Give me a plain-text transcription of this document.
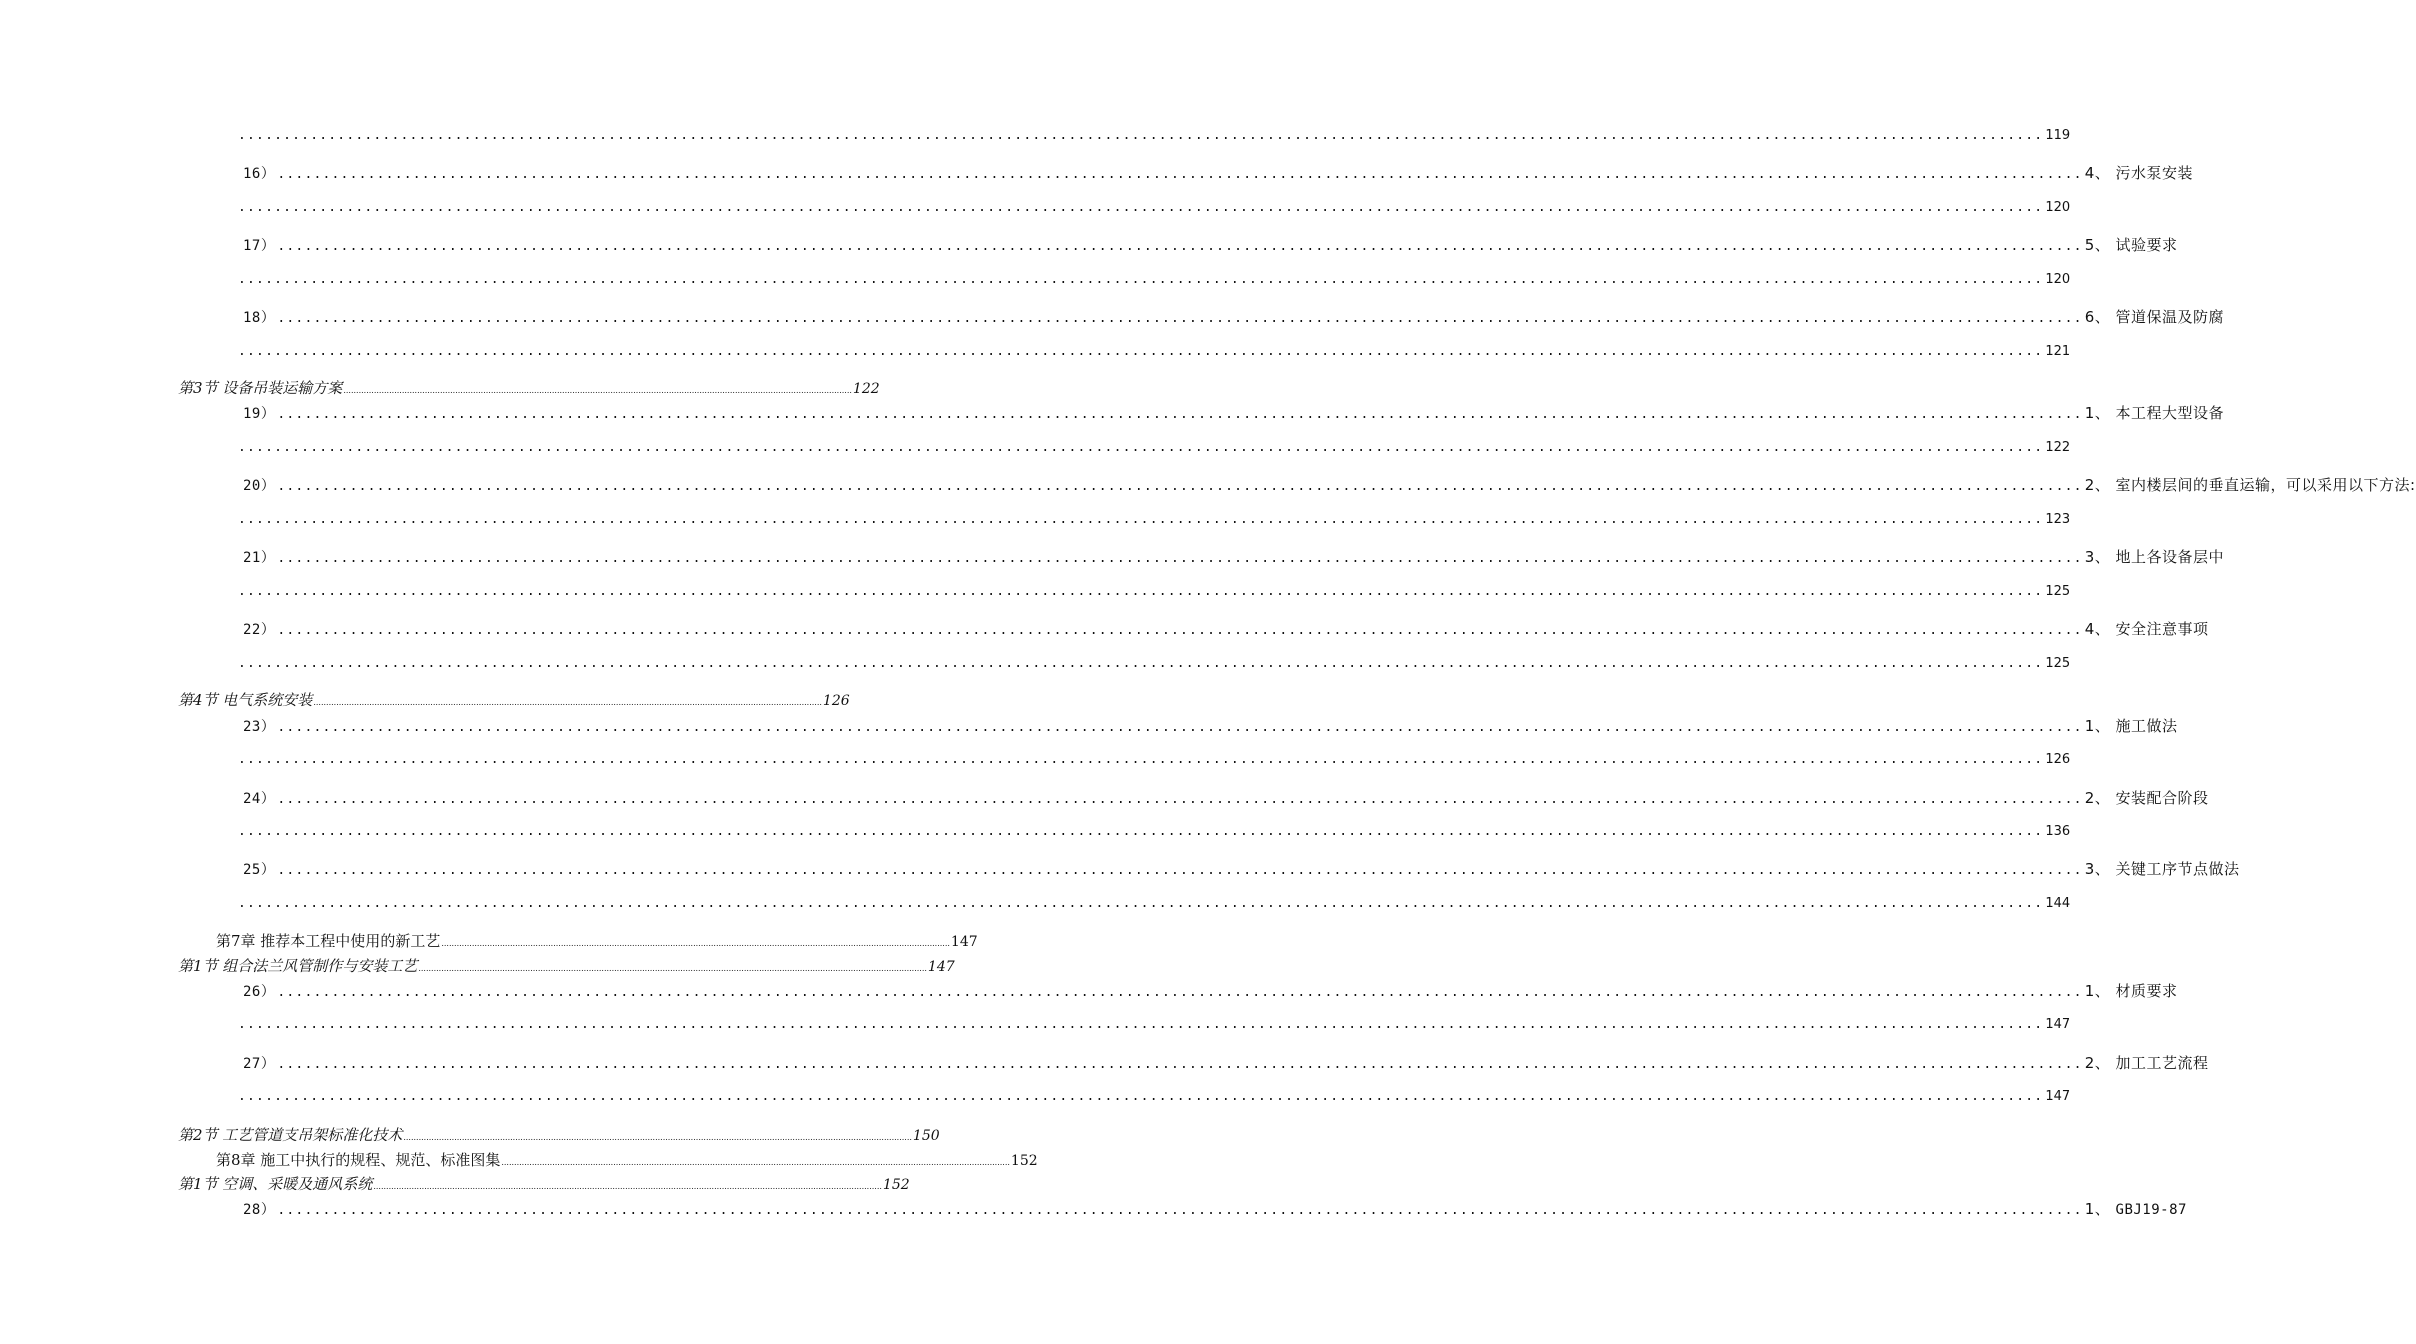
........................................................................................................................................................................................................ 119
16） ........................................................................................................................................................................................................ 4、 污水泵安装
........................................................................................................................................................................................................ 120
17） ........................................................................................................................................................................................................ 5、 试验要求
........................................................................................................................................................................................................ 120
18） ........................................................................................................................................................................................................ 6、 管道保温及防腐
........................................................................................................................................................................................................ 121
第3节 设备吊装运输方案 ........................................................................................................................................................................................................ 122
19） ........................................................................................................................................................................................................ 1、 本工程大型设备
........................................................................................................................................................................................................ 122
20） ........................................................................................................................................................................................................ 2、 室内楼层间的垂直运输，可以采用以下方法:
........................................................................................................................................................................................................ 123
21） ........................................................................................................................................................................................................ 3、 地上各设备层中
........................................................................................................................................................................................................ 125
22） ........................................................................................................................................................................................................ 4、 安全注意事项
........................................................................................................................................................................................................ 125
第4节 电气系统安装 ........................................................................................................................................................................................................ 126
23） ........................................................................................................................................................................................................ 1、 施工做法
........................................................................................................................................................................................................ 126
24） ........................................................................................................................................................................................................ 2、 安装配合阶段
........................................................................................................................................................................................................ 136
25） ........................................................................................................................................................................................................ 3、 关键工序节点做法
........................................................................................................................................................................................................ 144
第7章 推荐本工程中使用的新工艺 ........................................................................................................................................................................................................ 147
第1节 组合法兰风管制作与安装工艺 ........................................................................................................................................................................................................ 147
26） ........................................................................................................................................................................................................ 1、 材质要求
........................................................................................................................................................................................................ 147
27） ........................................................................................................................................................................................................ 2、 加工工艺流程
........................................................................................................................................................................................................ 147
第2节 工艺管道支吊架标准化技术 ........................................................................................................................................................................................................ 150
第8章 施工中执行的规程、规范、标准图集 ........................................................................................................................................................................................................ 152
第1节 空调、采暖及通风系统 ........................................................................................................................................................................................................ 152
28） ........................................................................................................................................................................................................ 1、 GBJ19-87
